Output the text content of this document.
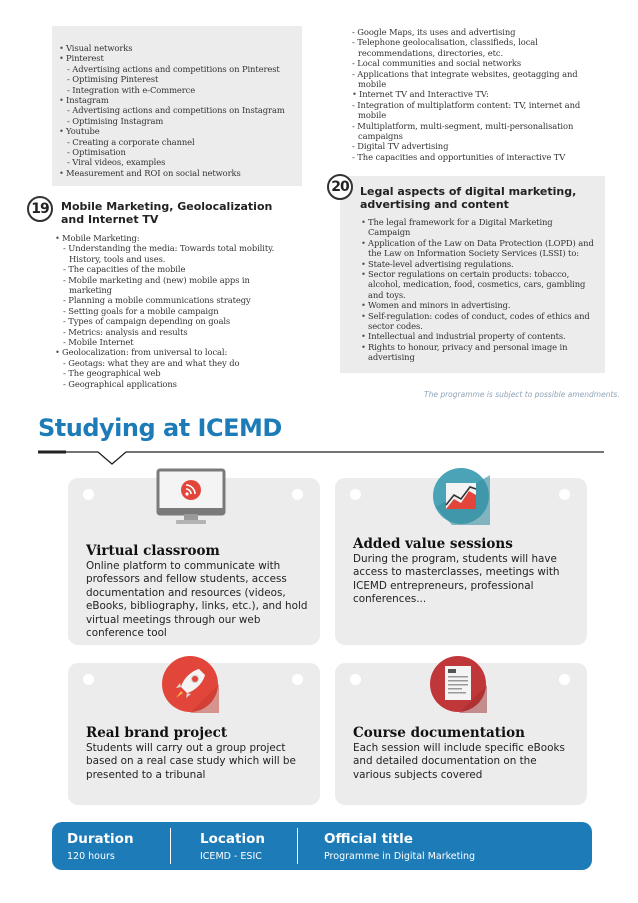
• Visual networks
• Pinterest
- Advertising actions and competitions on Pinterest
- Optimising Pinterest
- Integration with e-Commerce
• Instagram
- Advertising actions and competitions on Instagram
- Optimising Instagram
• Youtube
- Creating a corporate channel
- Optimisation
- Viral videos, examples
• Measurement and ROI on social networks
19 Mobile Marketing, Geolocalization and Internet TV
• Mobile Marketing:
- Understanding the media: Towards total mobility. History, tools and uses.
- The capacities of the mobile
- Mobile marketing and (new) mobile apps in marketing
- Planning a mobile communications strategy
- Setting goals for a mobile campaign
- Types of campaign depending on goals
- Metrics: analysis and results
- Mobile Internet
• Geolocalization: from universal to local:
- Geotags: what they are and what they do
- The geographical web
- Geographical applications
- Google Maps, its uses and advertising
- Telephone geolocalisation, classifieds, local recommendations, directories, etc.
- Local communities and social networks
- Applications that integrate websites, geotagging and mobile
• Internet TV and Interactive TV:
- Integration of multiplatform content: TV, internet and mobile
- Multiplatform, multi-segment, multi-personalisation campaigns
- Digital TV advertising
- The capacities and opportunities of interactive TV
Legal aspects of digital marketing, advertising and content
• The legal framework for a Digital Marketing Campaign
• Application of the Law on Data Protection (LOPD) and the Law on Information Society Services (LSSI) to:
• State-level advertising regulations.
• Sector regulations on certain products: tobacco, alcohol, medication, food, cosmetics, cars, gambling and toys.
• Women and minors in advertising.
• Self-regulation: codes of conduct, codes of ethics and sector codes.
• Intellectual and industrial property of contents.
• Rights to honour, privacy and personal image in advertising
20
The programme is subject to possible amendments.
Studying at ICEMD
Virtual classroom
Online platform to communicate with professors and fellow students, access documentation and resources (videos, eBooks, bibliography, links, etc.), and hold virtual meetings through our web conference tool
Added value sessions
During the program, students will have access to masterclasses, meetings with ICEMD entrepreneurs, professional conferences...
Real brand project
Students will carry out a group project based on a real case study which will be presented to a tribunal
Course documentation
Each session will include specific eBooks and detailed documentation on the various subjects covered
Duration
120 hours
Location
ICEMD - ESIC
Official title
Programme in Digital Marketing
